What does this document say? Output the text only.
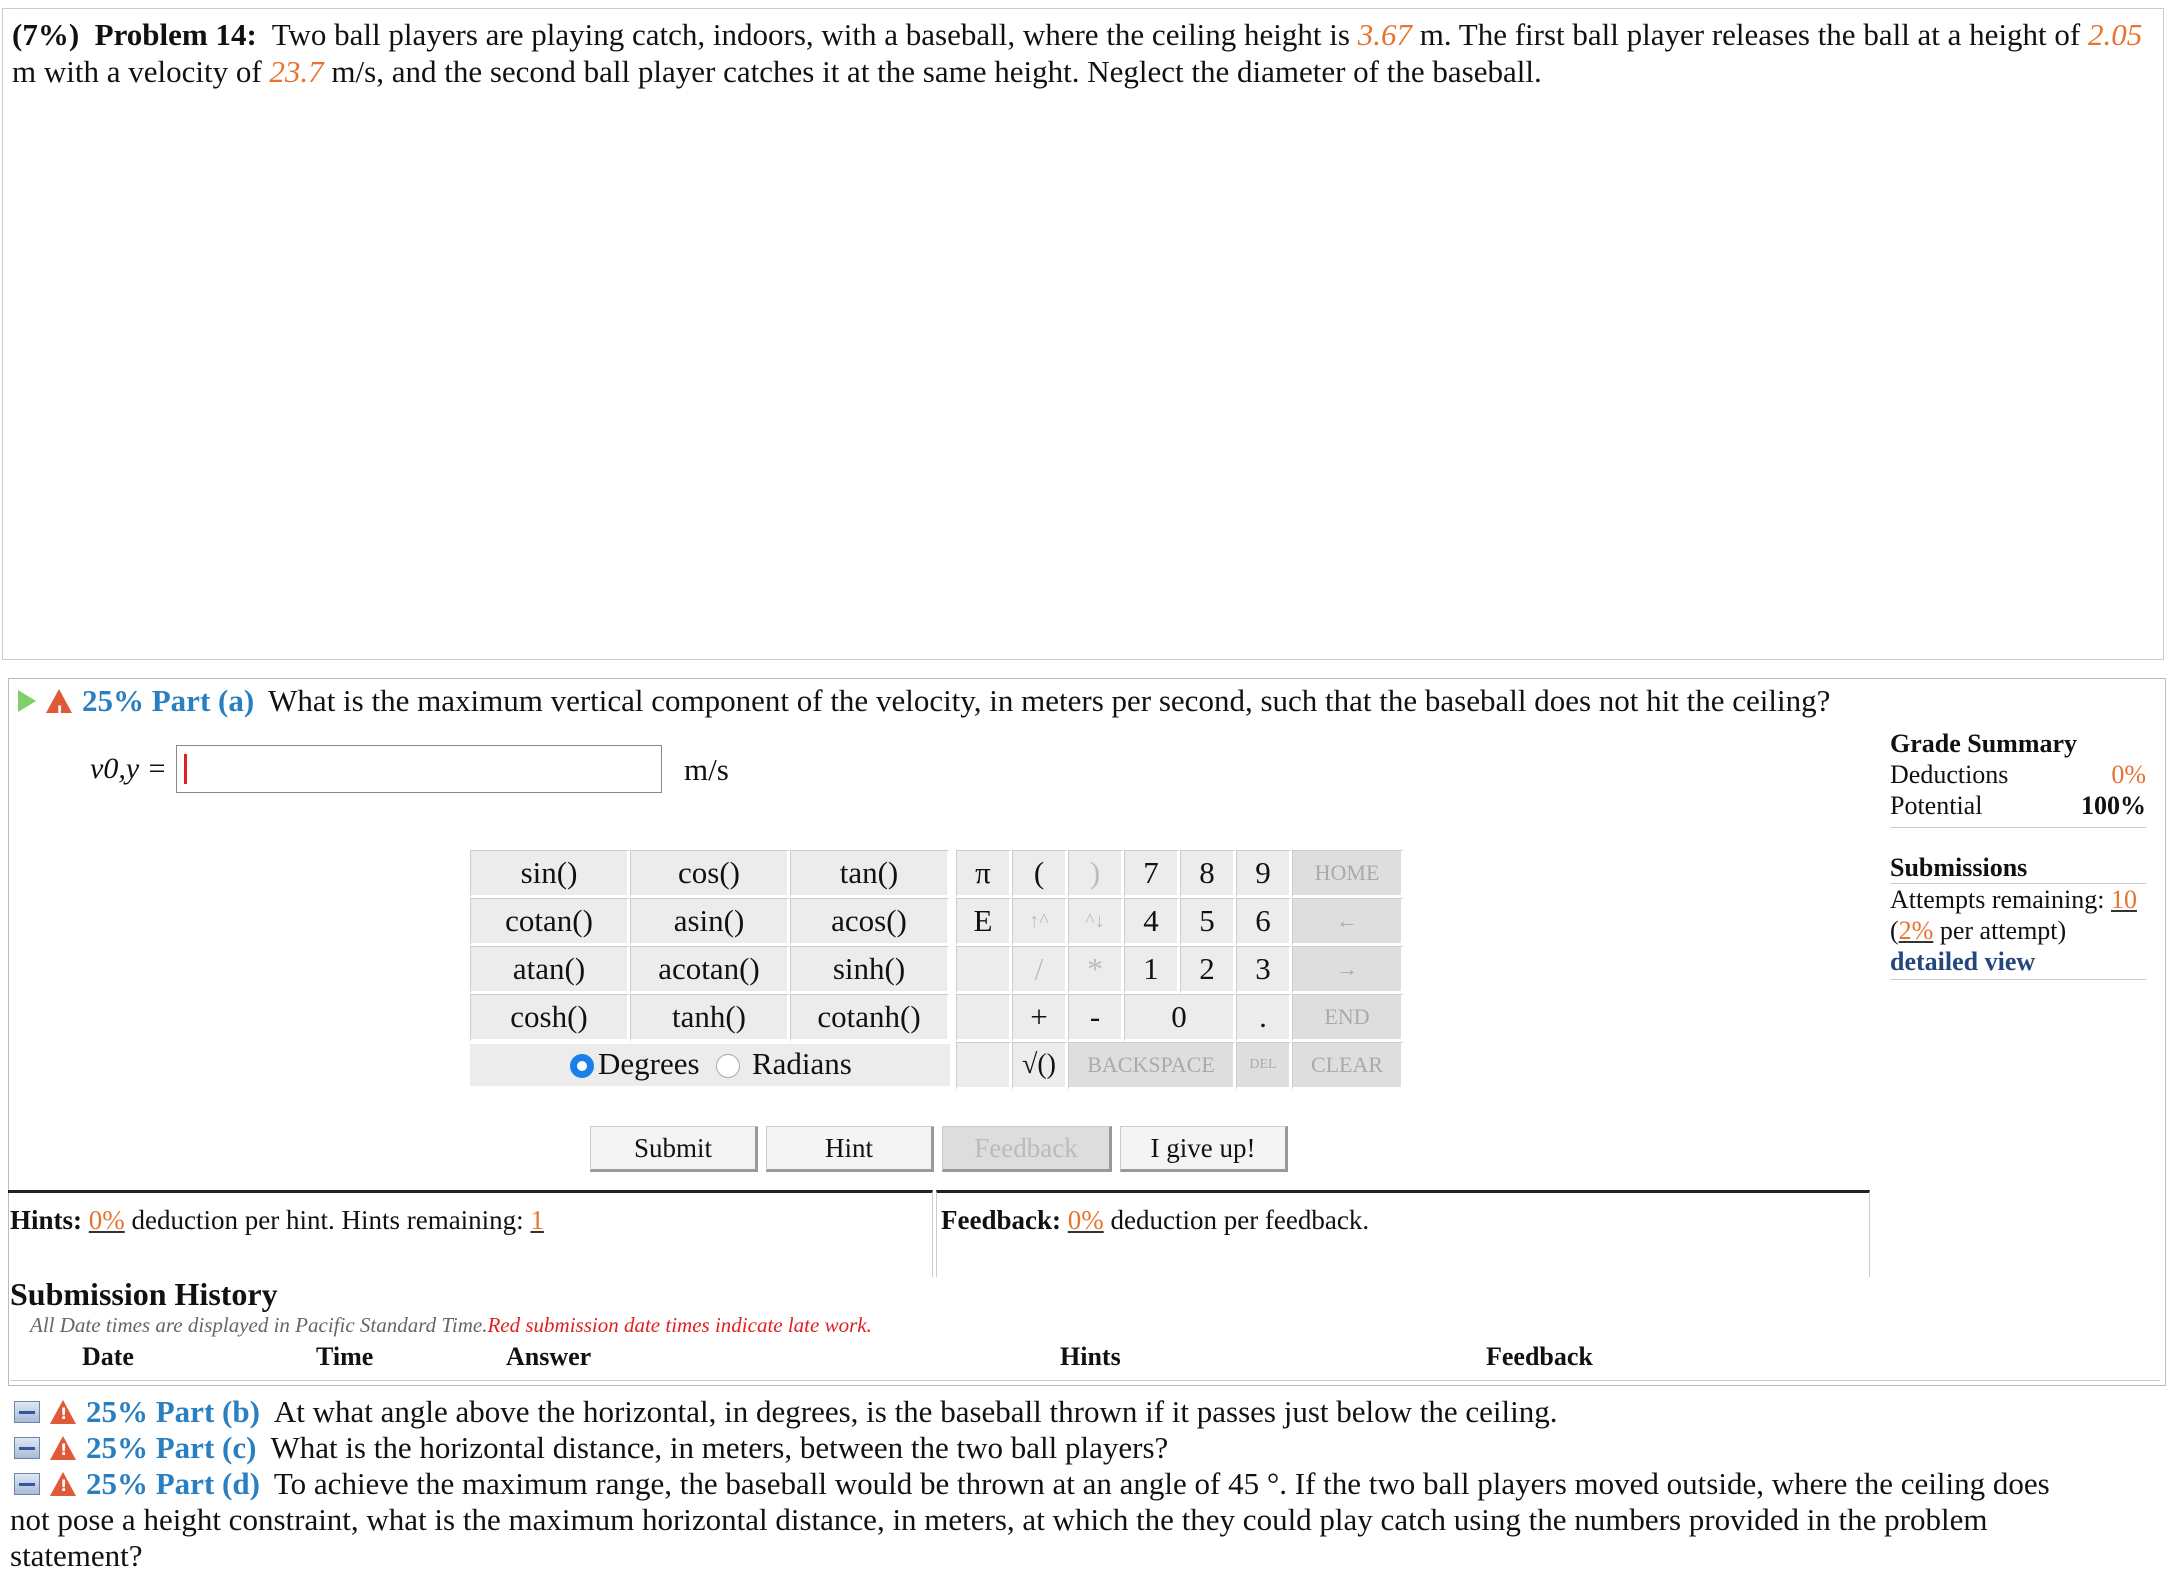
(7%) Problem 14: Two ball players are playing catch, indoors, with a baseball, where the ceiling height is 3.67 m. The first ball player releases the ball at a height of 2.05 m with a velocity of 23.7 m/s, and the second ball player catches it at the same height. Neglect the diameter of the baseball.
!
25% Part (a) What is the maximum vertical component of the velocity, in meters per second, such that the baseball does not hit the ceiling?
v0,y =	m/s
sin()	cos()	tan()
cotan()	asin()	acos()
atan()	acotan()	sinh()
cosh()	tanh()	cotanh()
Degrees Radians
π	(	)
E	↑^	^↓
/	*
+	-
√()
7	8	9
4	5	6
1	2	3
0	.
BACKSPACE	DEL
HOME
←
→
END
CLEAR
Submit	Hint	Feedback	I give up!
Hints: 0% deduction per hint. Hints remaining: 1	Feedback: 0% deduction per feedback.
Grade Summary
Deductions	0%
Potential	100%
Submissions
Attempts remaining: 10
(2% per attempt)
detailed view
Submission History
All Date times are displayed in Pacific Standard Time.Red submission date times indicate late work.
Date	Time	Answer	Hints	Feedback
!
25% Part (b) At what angle above the horizontal, in degrees, is the baseball thrown if it passes just below the ceiling.
!
25% Part (c) What is the horizontal distance, in meters, between the two ball players?
!
25% Part (d) To achieve the maximum range, the baseball would be thrown at an angle of 45 °. If the two ball players moved outside, where the ceiling does
not pose a height constraint, what is the maximum horizontal distance, in meters, at which the they could play catch using the numbers provided in the problem
statement?
